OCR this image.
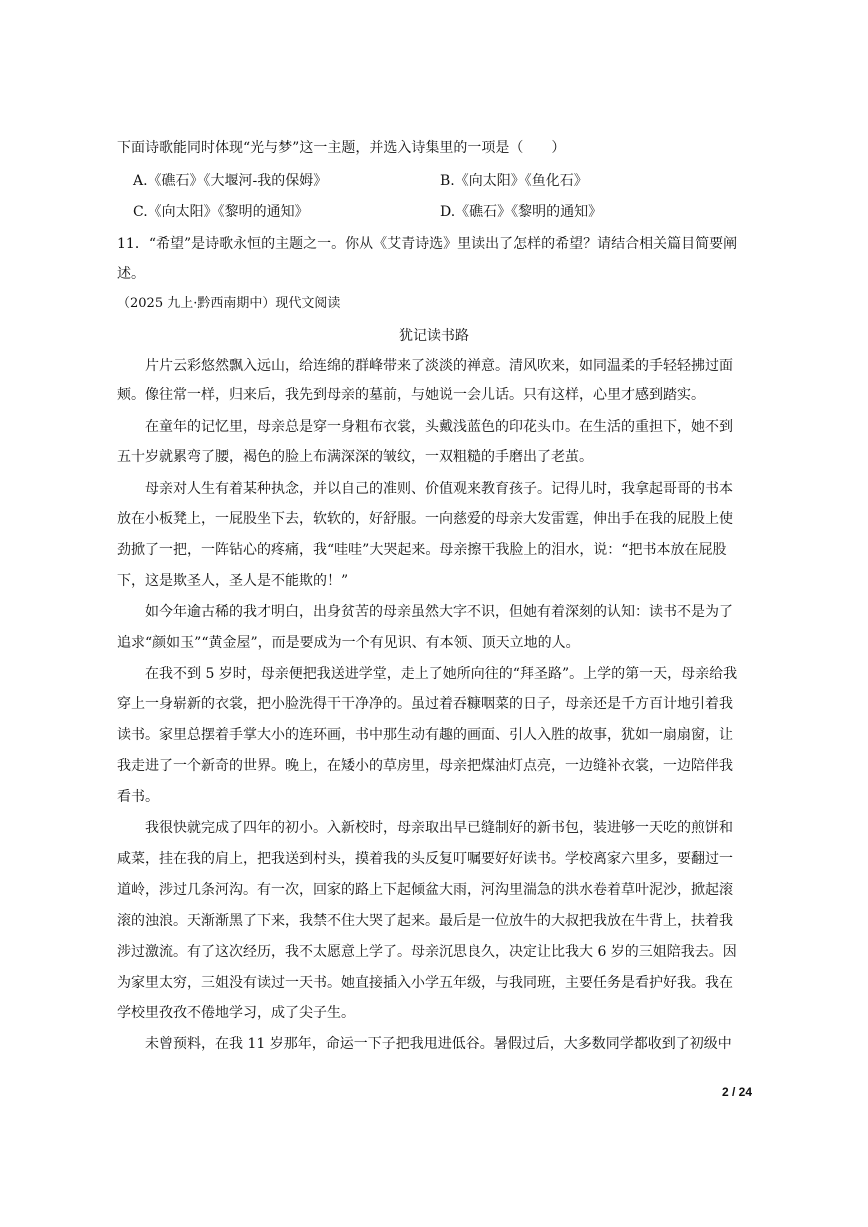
下面诗歌能同时体现“光与梦”这一主题，并选入诗集里的一项是（　　）
A.《礁石》《大堰河-我的保姆》	B.《向太阳》《鱼化石》
C.《向太阳》《黎明的通知》	D.《礁石》《黎明的通知》
11．“希望”是诗歌永恒的主题之一。你从《艾青诗选》里读出了怎样的希望？请结合相关篇目简要阐
述。
（2025 九上·黔西南期中）现代文阅读
犹记读书路
片片云彩悠然飘入远山，给连绵的群峰带来了淡淡的禅意。清风吹来，如同温柔的手轻轻拂过面
颊。像往常一样，归来后，我先到母亲的墓前，与她说一会儿话。只有这样，心里才感到踏实。
在童年的记忆里，母亲总是穿一身粗布衣裳，头戴浅蓝色的印花头巾。在生活的重担下，她不到
五十岁就累弯了腰，褐色的脸上布满深深的皱纹，一双粗糙的手磨出了老茧。
母亲对人生有着某种执念，并以自己的准则、价值观来教育孩子。记得儿时，我拿起哥哥的书本
放在小板凳上，一屁股坐下去，软软的，好舒服。一向慈爱的母亲大发雷霆，伸出手在我的屁股上使
劲掀了一把，一阵钻心的疼痛，我“哇哇”大哭起来。母亲擦干我脸上的泪水，说：“把书本放在屁股
下，这是欺圣人，圣人是不能欺的！”
如今年逾古稀的我才明白，出身贫苦的母亲虽然大字不识，但她有着深刻的认知：读书不是为了
追求“颜如玉”“黄金屋”，而是要成为一个有见识、有本领、顶天立地的人。
在我不到 5 岁时，母亲便把我送进学堂，走上了她所向往的“拜圣路”。上学的第一天，母亲给我
穿上一身崭新的衣裳，把小脸洗得干干净净的。虽过着吞糠咽菜的日子，母亲还是千方百计地引着我
读书。家里总摆着手掌大小的连环画，书中那生动有趣的画面、引人入胜的故事，犹如一扇扇窗，让
我走进了一个新奇的世界。晚上，在矮小的草房里，母亲把煤油灯点亮，一边缝补衣裳，一边陪伴我
看书。
我很快就完成了四年的初小。入新校时，母亲取出早已缝制好的新书包，装进够一天吃的煎饼和
咸菜，挂在我的肩上，把我送到村头，摸着我的头反复叮嘱要好好读书。学校离家六里多，要翻过一
道岭，涉过几条河沟。有一次，回家的路上下起倾盆大雨，河沟里湍急的洪水卷着草叶泥沙，掀起滚
滚的浊浪。天渐渐黑了下来，我禁不住大哭了起来。最后是一位放牛的大叔把我放在牛背上，扶着我
涉过激流。有了这次经历，我不太愿意上学了。母亲沉思良久，决定让比我大 6 岁的三姐陪我去。因
为家里太穷，三姐没有读过一天书。她直接插入小学五年级，与我同班，主要任务是看护好我。我在
学校里孜孜不倦地学习，成了尖子生。
未曾预料，在我 11 岁那年，命运一下子把我甩进低谷。暑假过后，大多数同学都收到了初级中
2 / 24
